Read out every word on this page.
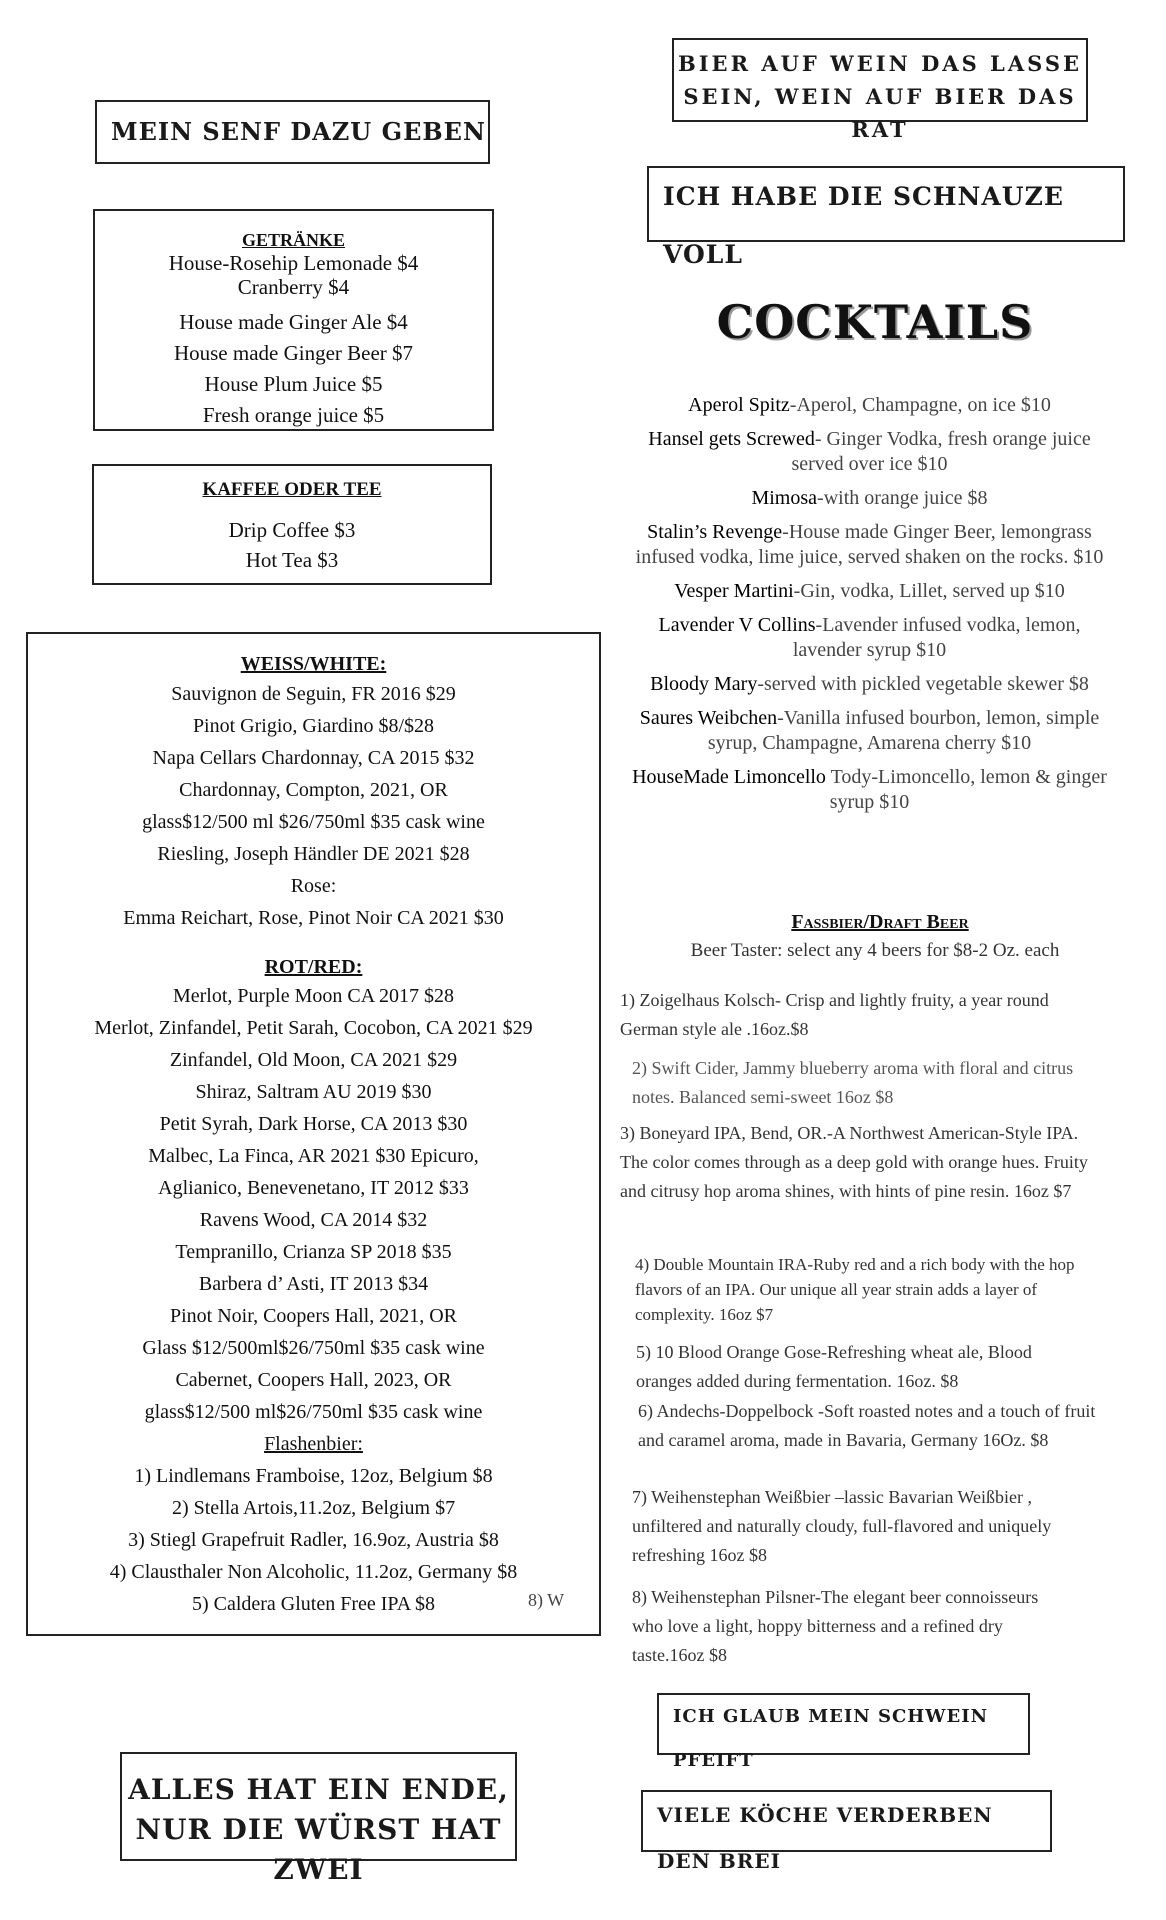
BIER AUF WEIN DAS LASSE SEIN, WEIN AUF BIER DAS RAT
MEIN SENF DAZU GEBEN
ICH HABE DIE SCHNAUZE VOLL
GETRÄNKE
House-Rosehip Lemonade $4
Cranberry $4
House made Ginger Ale $4
House made Ginger Beer $7
House Plum Juice $5
Fresh orange juice $5
KAFFEE ODER TEE
Drip Coffee $3
Hot Tea $3
WEISS/WHITE:
Sauvignon de Seguin, FR 2016 $29
Pinot Grigio, Giardino $8/$28
Napa Cellars Chardonnay, CA 2015 $32
Chardonnay, Compton, 2021, OR
glass$12/500 ml $26/750ml $35 cask wine
Riesling, Joseph Händler DE 2021 $28
Rose:
Emma Reichart, Rose, Pinot Noir CA 2021 $30
ROT/RED:
Merlot, Purple Moon CA 2017 $28
Merlot, Zinfandel, Petit Sarah, Cocobon, CA 2021 $29
Zinfandel, Old Moon, CA 2021 $29
Shiraz, Saltram AU 2019 $30
Petit Syrah, Dark Horse, CA 2013 $30
Malbec, La Finca, AR 2021 $30 Epicuro,
Aglianico, Benevenetano, IT 2012 $33
Ravens Wood, CA 2014 $32
Tempranillo, Crianza SP 2018 $35
Barbera d’ Asti, IT 2013 $34
Pinot Noir, Coopers Hall, 2021, OR
Glass $12/500ml$26/750ml $35 cask wine
Cabernet, Coopers Hall, 2023, OR
glass$12/500 ml$26/750ml $35 cask wine
Flashenbier:
1) Lindlemans Framboise, 12oz, Belgium $8
2) Stella Artois,11.2oz, Belgium $7
3) Stiegl Grapefruit Radler, 16.9oz, Austria $8
4) Clausthaler Non Alcoholic, 11.2oz, Germany $8
5) Caldera Gluten Free IPA $8	8) W
ALLES HAT EIN ENDE,
NUR DIE WÜRST HAT ZWEI
COCKTAILS
Aperol Spitz-Aperol, Champagne, on ice $10
Hansel gets Screwed- Ginger Vodka, fresh orange juice served over ice $10
Mimosa-with orange juice $8
Stalin’s Revenge-House made Ginger Beer, lemongrass infused vodka, lime juice, served shaken on the rocks. $10
Vesper Martini-Gin, vodka, Lillet, served up $10
Lavender V Collins-Lavender infused vodka, lemon, lavender syrup $10
Bloody Mary-served with pickled vegetable skewer $8
Saures Weibchen-Vanilla infused bourbon, lemon, simple syrup, Champagne, Amarena cherry $10
HouseMade Limoncello Tody-Limoncello, lemon & ginger syrup $10
Faßbier/Draft Beer
Beer Taster: select any 4 beers for $8-2 Oz. each
1) Zoigelhaus Kolsch- Crisp and lightly fruity, a year round German style ale .16oz.$8
2) Swift Cider, Jammy blueberry aroma with floral and citrus notes. Balanced semi-sweet 16oz $8
3) Boneyard IPA, Bend, OR.-A Northwest American-Style IPA. The color comes through as a deep gold with orange hues. Fruity and citrusy hop aroma shines, with hints of pine resin. 16oz $7
4) Double Mountain IRA-Ruby red and a rich body with the hop flavors of an IPA. Our unique all year strain adds a layer of complexity. 16oz $7
5) 10 Blood Orange Gose-Refreshing wheat ale, Blood oranges added during fermentation. 16oz. $8
6) Andechs-Doppelbock -Soft roasted notes and a touch of fruit and caramel aroma, made in Bavaria, Germany 16Oz. $8
7) Weihenstephan Weißbier –lassic Bavarian Weißbier , unfiltered and naturally cloudy, full-flavored and uniquely refreshing 16oz $8
8) Weihenstephan Pilsner-The elegant beer connoisseurs who love a light, hoppy bitterness and a refined dry taste.16oz $8
ICH GLAUB MEIN SCHWEIN PFEIFT
VIELE KÖCHE VERDERBEN DEN BREI
